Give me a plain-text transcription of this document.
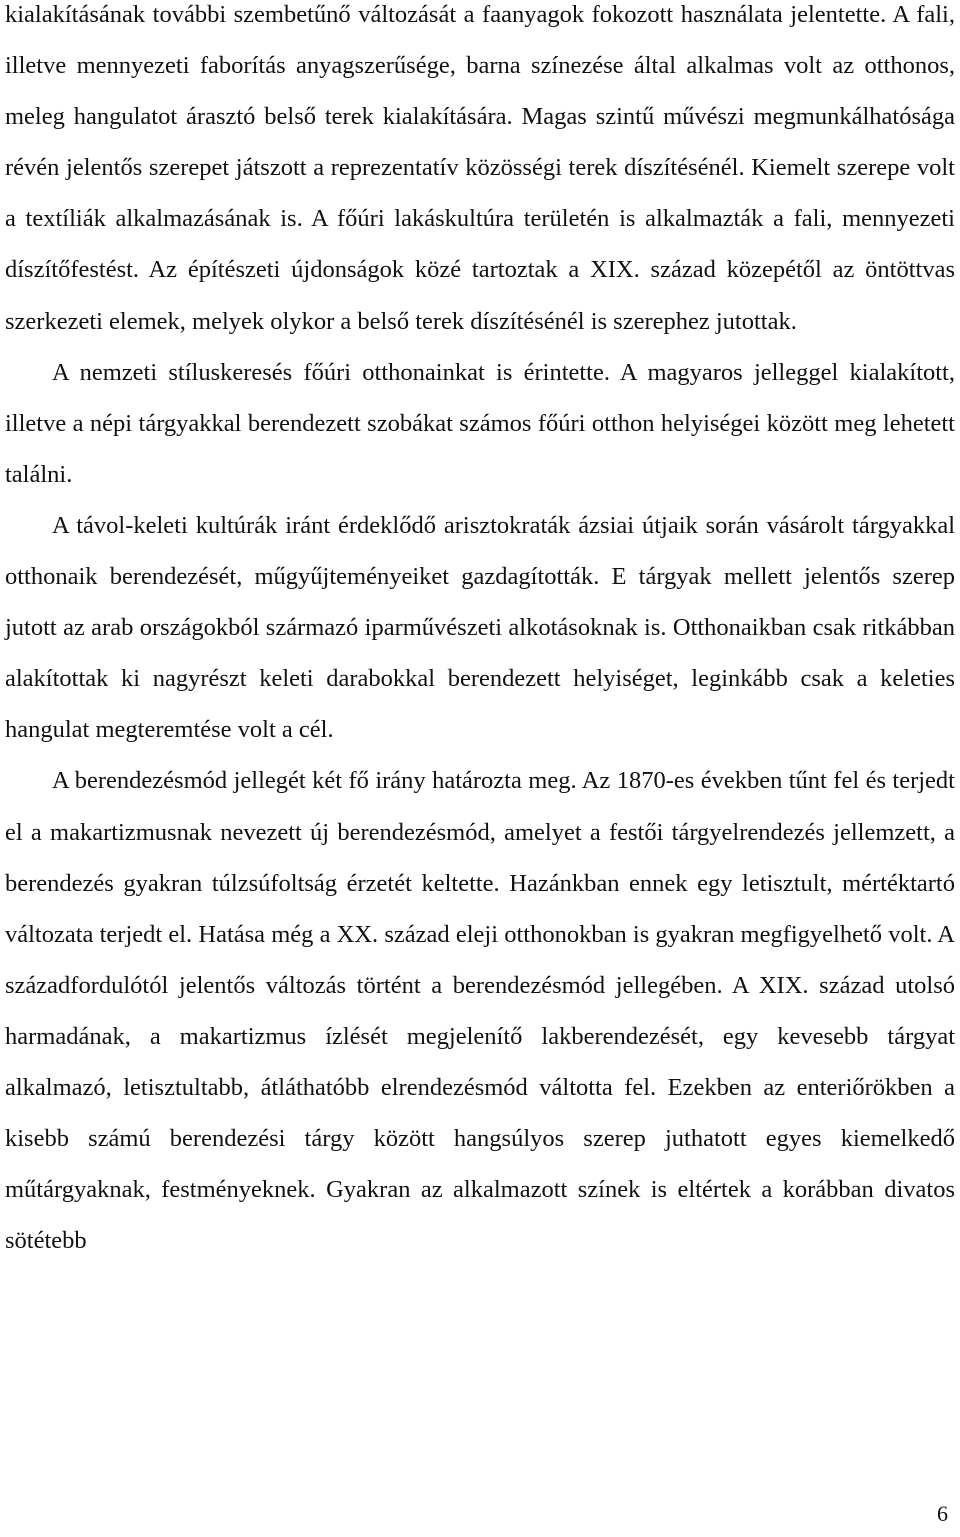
kialakításának további szembetűnő változását a faanyagok fokozott használata jelentette. A fali, illetve mennyezeti faborítás anyagszerűsége, barna színezése által alkalmas volt az otthonos, meleg hangulatot árasztó belső terek kialakítására. Magas szintű művészi megmunkálhatósága révén jelentős szerepet játszott a reprezentatív közösségi terek díszítésénél. Kiemelt szerepe volt a textíliák alkalmazásának is. A főúri lakáskultúra területén is alkalmazták a fali, mennyezeti díszítőfestést. Az építészeti újdonságok közé tartoztak a XIX. század közepétől az öntöttvas szerkezeti elemek, melyek olykor a belső terek díszítésénél is szerephez jutottak.

A nemzeti stíluskeresés főúri otthonainkat is érintette. A magyaros jelleggel kialakított, illetve a népi tárgyakkal berendezett szobákat számos főúri otthon helyiségei között meg lehetett találni.

A távol-keleti kultúrák iránt érdeklődő arisztokraták ázsiai útjaik során vásárolt tárgyakkal otthonaik berendezését, műgyűjteményeiket gazdagították. E tárgyak mellett jelentős szerep jutott az arab országokból származó iparművészeti alkotásoknak is. Otthonaikban csak ritkábban alakítottak ki nagyrészt keleti darabokkal berendezett helyiséget, leginkább csak a keleties hangulat megteremtése volt a cél.

A berendezésmód jellegét két fő irány határozta meg. Az 1870-es években tűnt fel és terjedt el a makartizmusnak nevezett új berendezésmód, amelyet a festői tárgyelrendezés jellemzett, a berendezés gyakran túlzsúfoltság érzetét keltette. Hazánkban ennek egy letisztult, mértéktartó változata terjedt el. Hatása még a XX. század eleji otthonokban is gyakran megfigyelhető volt. A századfordulótól jelentős változás történt a berendezésmód jellegében. A XIX. század utolsó harmadának, a makartizmus ízlését megjelenítő lakberendezését, egy kevesebb tárgyat alkalmazó, letisztultabb, átláthatóbb elrendezésmód váltotta fel. Ezekben az enteriőrökben a kisebb számú berendezési tárgy között hangsúlyos szerep juthatott egyes kiemelkedő műtárgyaknak, festményeknek. Gyakran az alkalmazott színek is eltértek a korábban divatos sötétebb

6
